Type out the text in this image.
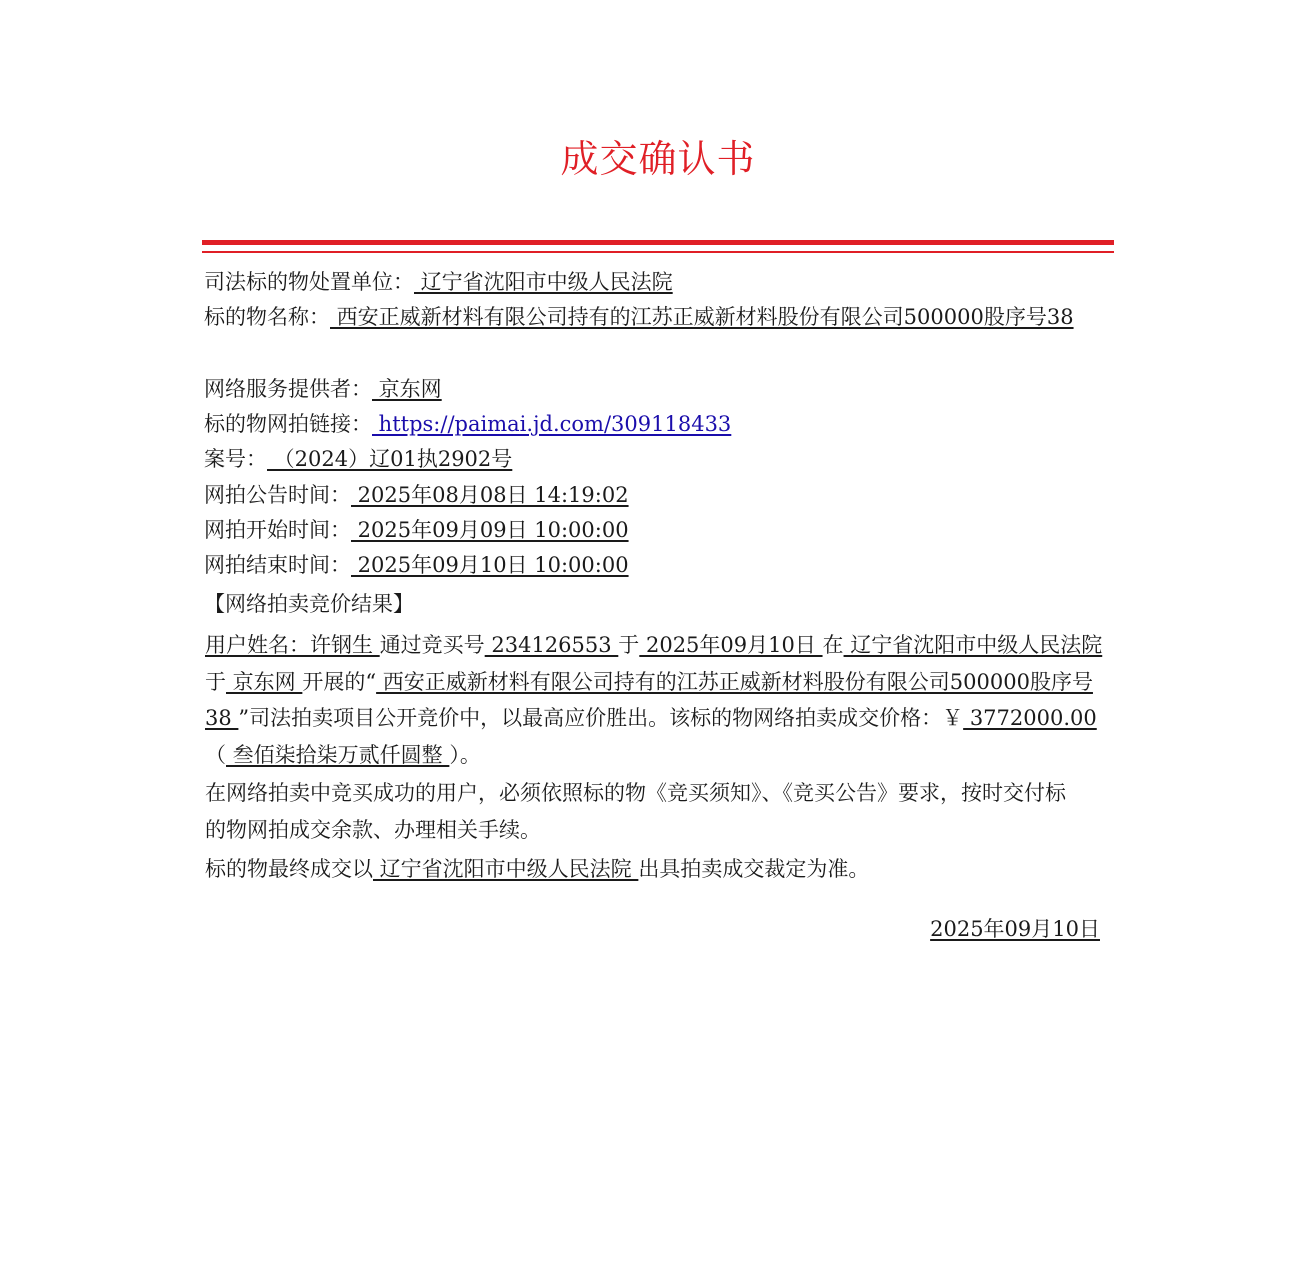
成交确认书
司法标的物处置单位： 辽宁省沈阳市中级人民法院
标的物名称： 西安正威新材料有限公司持有的江苏正威新材料股份有限公司500000股序号38
网络服务提供者： 京东网
标的物网拍链接： https://paimai.jd.com/309118433
案号： （2024）辽01执2902号
网拍公告时间： 2025年08月08日 14:19:02
网拍开始时间： 2025年09月09日 10:00:00
网拍结束时间： 2025年09月10日 10:00:00
【网络拍卖竞价结果】
用户姓名：许钢生 通过竞买号 234126553 于 2025年09月10日 在 辽宁省沈阳市中级人民法院 于 京东网 开展的“ 西安正威新材料有限公司持有的江苏正威新材料股份有限公司500000股序号38 ”司法拍卖项目公开竞价中，以最高应价胜出。该标的物网络拍卖成交价格：￥ 3772000.00 （ 叁佰柒拾柒万贰仟圆整 ）。
在网络拍卖中竞买成功的用户，必须依照标的物《竞买须知》、《竞买公告》要求，按时交付标的物网拍成交余款、办理相关手续。
标的物最终成交以 辽宁省沈阳市中级人民法院 出具拍卖成交裁定为准。
2025年09月10日
